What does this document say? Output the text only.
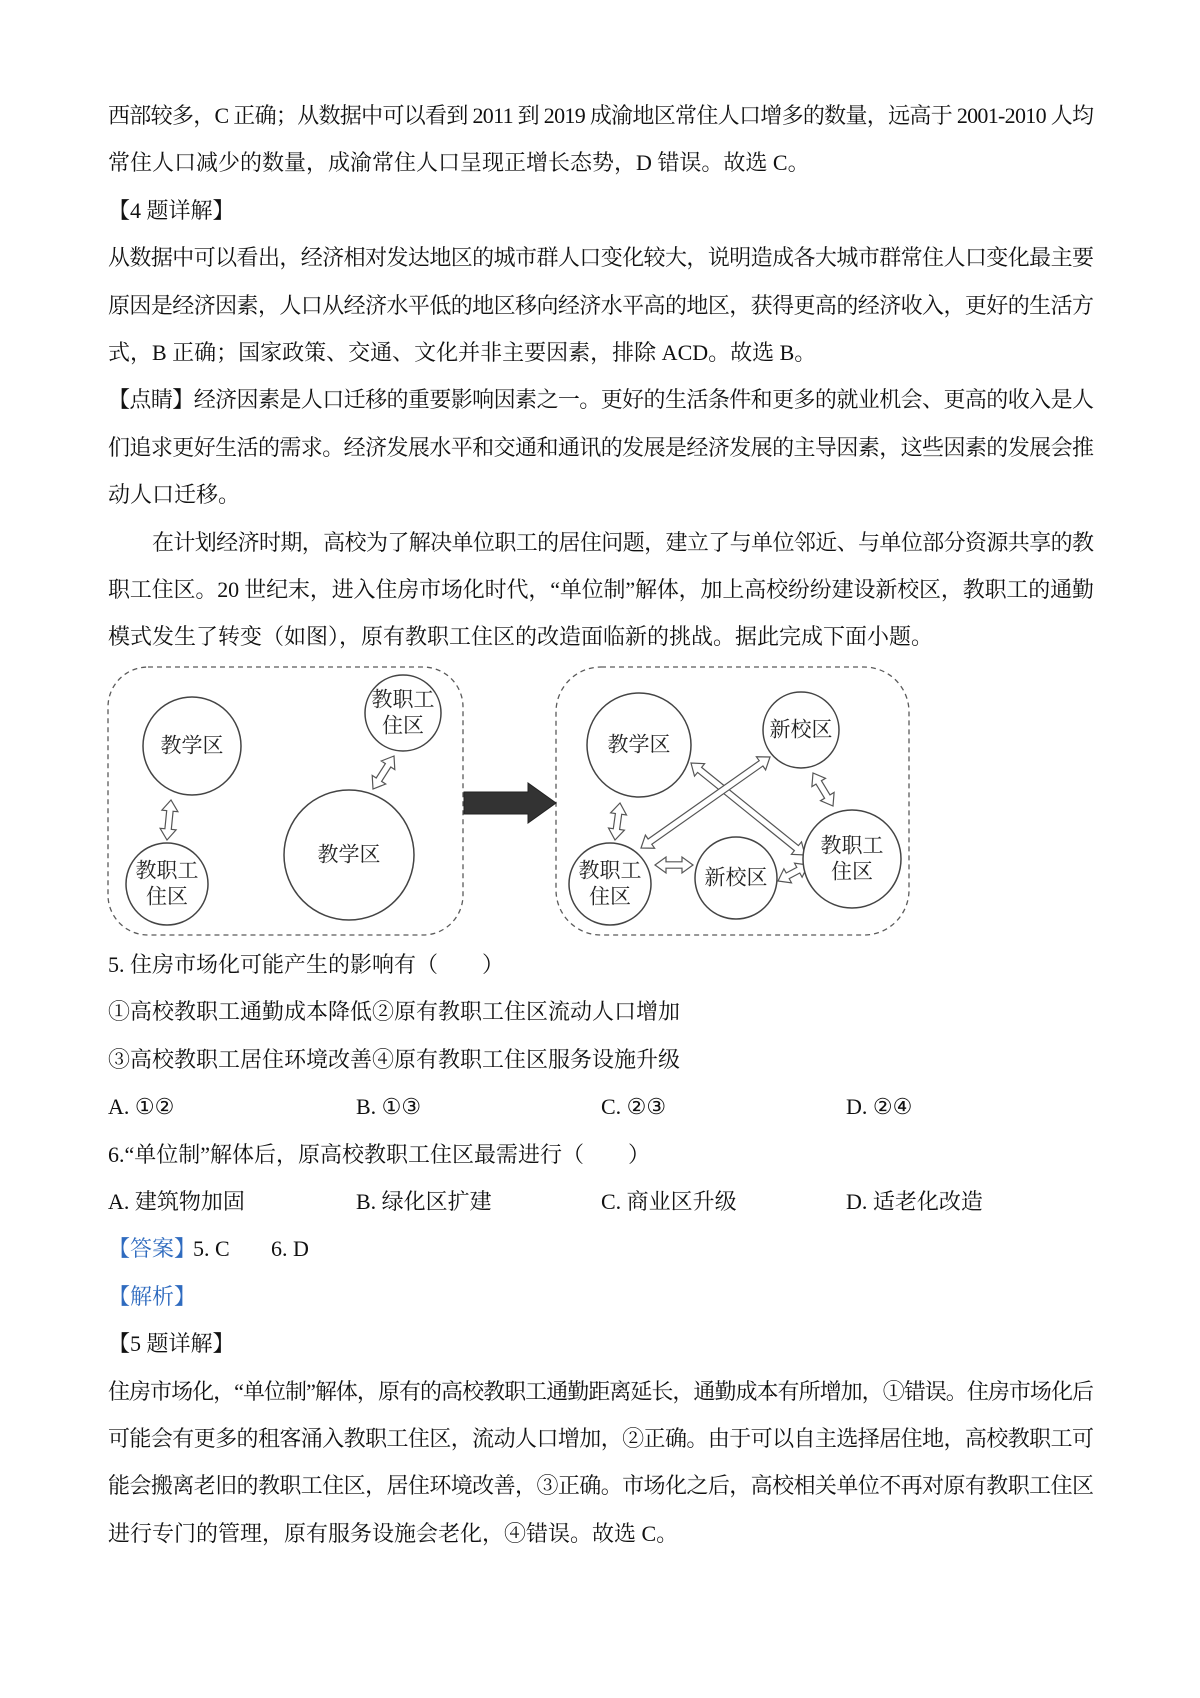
西部较多，C 正确；从数据中可以看到 2011 到 2019 成渝地区常住人口增多的数量，远高于 2001-2010 人均
常住人口减少的数量，成渝常住人口呈现正增长态势，D 错误。故选 C。
【4 题详解】
从数据中可以看出，经济相对发达地区的城市群人口变化较大，说明造成各大城市群常住人口变化最主要
原因是经济因素，人口从经济水平低的地区移向经济水平高的地区，获得更高的经济收入，更好的生活方
式，B 正确；国家政策、交通、文化并非主要因素，排除 ACD。故选 B。
【点睛】经济因素是人口迁移的重要影响因素之一。更好的生活条件和更多的就业机会、更高的收入是人
们追求更好生活的需求。经济发展水平和交通和通讯的发展是经济发展的主导因素，这些因素的发展会推
动人口迁移。
在计划经济时期，高校为了解决单位职工的居住问题，建立了与单位邻近、与单位部分资源共享的教
职工住区。20 世纪末，进入住房市场化时代，“单位制”解体，加上高校纷纷建设新校区，教职工的通勤
模式发生了转变（如图），原有教职工住区的改造面临新的挑战。据此完成下面小题。
教学区
教职工
住区
教职工
住区
教学区
教学区
新校区
教职工
住区
新校区
教职工
住区
5. 住房市场化可能产生的影响有（　　）
①高校教职工通勤成本降低②原有教职工住区流动人口增加
③高校教职工居住环境改善④原有教职工住区服务设施升级
A. ①②	B. ①③	C. ②③	D. ②④
6.“单位制”解体后，原高校教职工住区最需进行（　　）
A. 建筑物加固	B. 绿化区扩建	C. 商业区升级	D. 适老化改造
【答案】
5. C 6. D
【解析】
【5 题详解】
住房市场化，“单位制”解体，原有的高校教职工通勤距离延长，通勤成本有所增加，①错误。住房市场化后
可能会有更多的租客涌入教职工住区，流动人口增加，②正确。由于可以自主选择居住地，高校教职工可
能会搬离老旧的教职工住区，居住环境改善，③正确。市场化之后，高校相关单位不再对原有教职工住区
进行专门的管理，原有服务设施会老化，④错误。故选 C。
